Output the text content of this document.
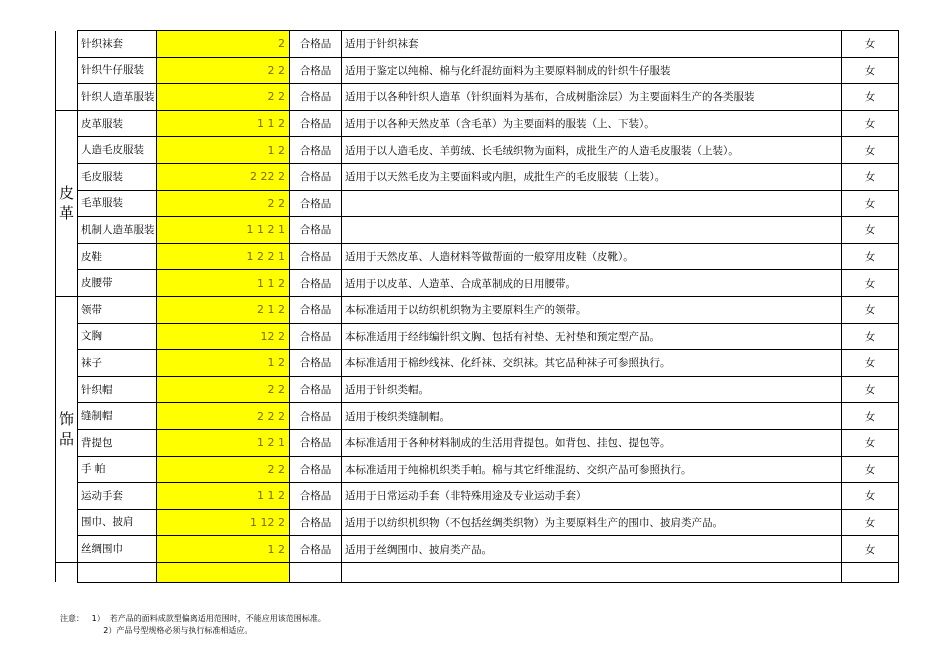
	针织袜套	2	合格品	适用于针织袜套	女
	针织牛仔服装	2 2	合格品	适用于鉴定以纯棉、棉与化纤混纺面料为主要原料制成的针织牛仔服装	女
	针织人造革服装	2 2	合格品	适用于以各种针织人造革（针织面料为基布，合成树脂涂层）为主要面料生产的各类服装	女
皮革	皮革服装	1 1 2	合格品	适用于以各种天然皮革（含毛革）为主要面料的服装（上、下装）。	女
	人造毛皮服装	1 2	合格品	适用于以人造毛皮、羊剪绒、长毛绒织物为面料，成批生产的人造毛皮服装（上装）。	女
	毛皮服装	2 22 2	合格品	适用于以天然毛皮为主要面料或内胆，成批生产的毛皮服装（上装）。	女
	毛革服装	2 2	合格品		女
	机制人造革服装	1 1 2 1	合格品		女
	皮鞋	1 2 2 1	合格品	适用于天然皮革、人造材料等做帮面的一般穿用皮鞋（皮靴）。	女
	皮腰带	1 1 2	合格品	适用于以皮革、人造革、合成革制成的日用腰带。	女
饰品	领带	2 1 2	合格品	本标准适用于以纺织机织物为主要原料生产的领带。	女
	文胸	12 2	合格品	本标准适用于经纬编针织文胸、包括有衬垫、无衬垫和预定型产品。	女
	袜子	1 2	合格品	本标准适用于棉纱线袜、化纤袜、交织袜。其它品种袜子可参照执行。	女
	针织帽	2 2	合格品	适用于针织类帽。	女
	缝制帽	2 2 2	合格品	适用于梭织类缝制帽。	女
	背提包	1 2 1	合格品	本标准适用于各种材料制成的生活用背提包。如背包、挂包、提包等。	女
	手 帕	2 2	合格品	本标准适用于纯棉机织类手帕。棉与其它纤维混纺、交织产品可参照执行。	女
	运动手套	1 1 2	合格品	适用于日常运动手套（非特殊用途及专业运动手套）	女
	围巾、披肩	1 12 2	合格品	适用于以纺织机织物（不包括丝绸类织物）为主要原料生产的围巾、披肩类产品。	女
	丝绸围巾	1 2	合格品	适用于丝绸围巾、披肩类产品。	女

注意：   1）  若产品的面料成款型偏离适用范围时，不能应用该范围标准。
2）产品号型规格必须与执行标准相适应。
